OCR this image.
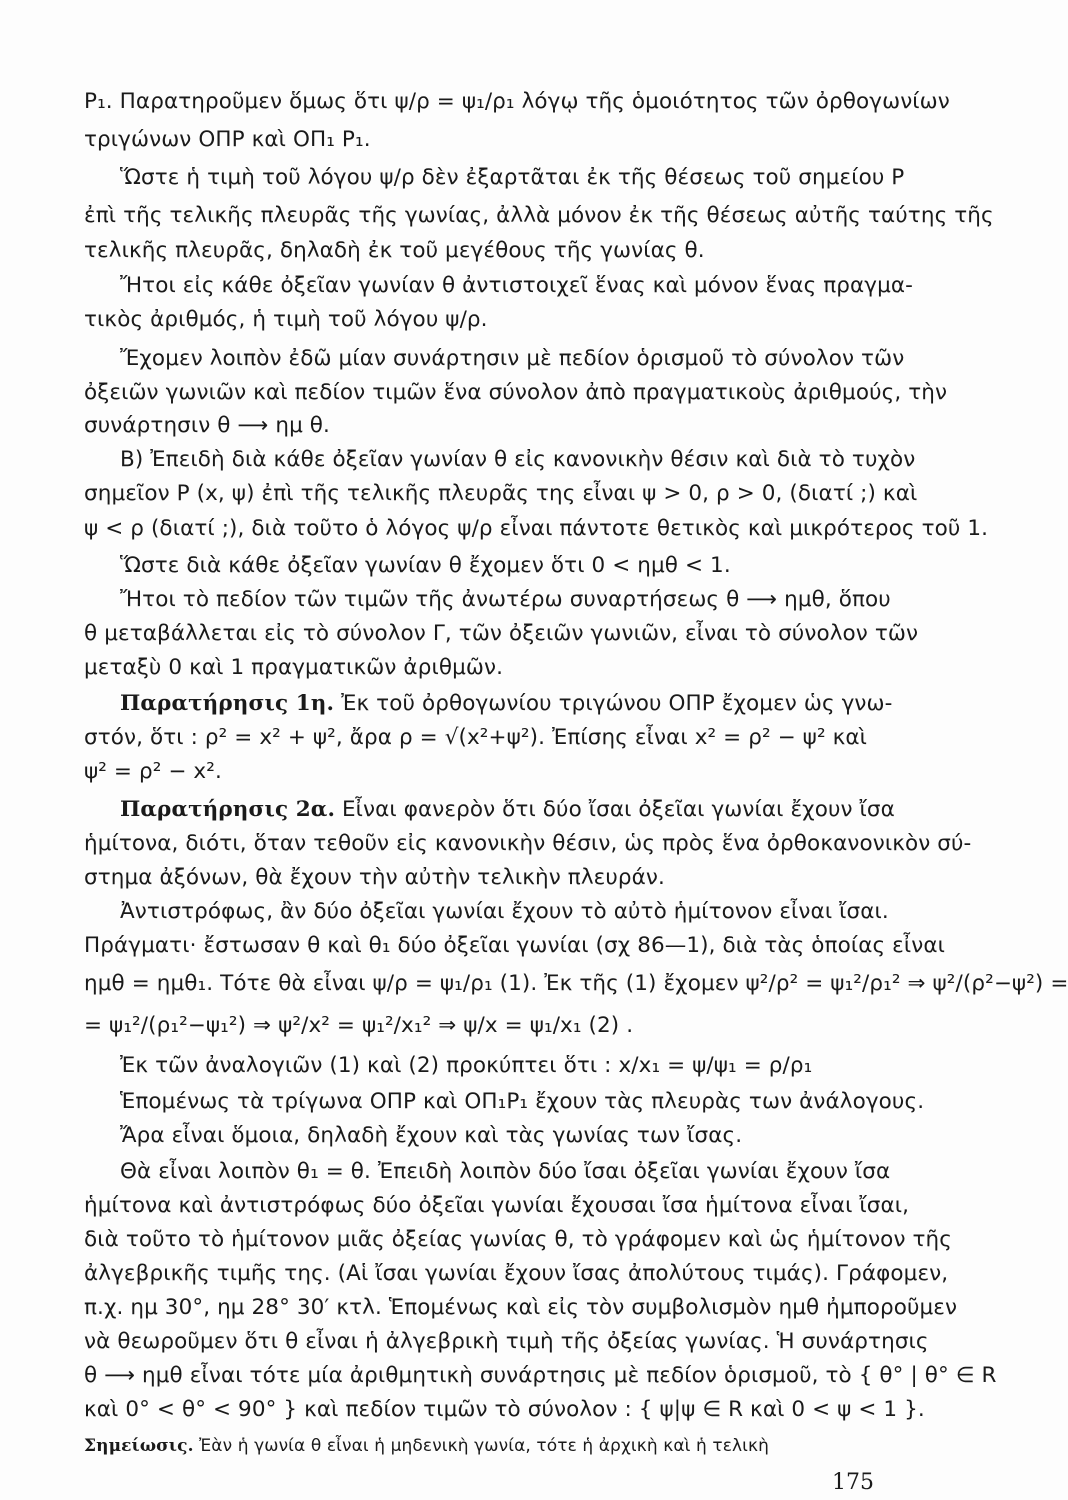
P₁. Παρατηροῦμεν ὅμως ὅτι ψ/ρ = ψ₁/ρ₁ λόγῳ τῆς ὁμοιότητος τῶν ὀρθογωνίων
τριγώνων ΟΠΡ καὶ ΟΠ₁ Ρ₁.
Ὥστε ἡ τιμὴ τοῦ λόγου ψ/ρ δὲν ἐξαρτᾶται ἐκ τῆς θέσεως τοῦ σημείου Ρ
ἐπὶ τῆς τελικῆς πλευρᾶς τῆς γωνίας, ἀλλὰ μόνον ἐκ τῆς θέσεως αὐτῆς ταύτης τῆς
τελικῆς πλευρᾶς, δηλαδὴ ἐκ τοῦ μεγέθους τῆς γωνίας θ.
Ἤτοι εἰς κάθε ὀξεῖαν γωνίαν θ ἀντιστοιχεῖ ἕνας καὶ μόνον ἕνας πραγμα-
τικὸς ἀριθμός, ἡ τιμὴ τοῦ λόγου ψ/ρ.
Ἔχομεν λοιπὸν ἐδῶ μίαν συνάρτησιν μὲ πεδίον ὁρισμοῦ τὸ σύνολον τῶν
ὀξειῶν γωνιῶν καὶ πεδίον τιμῶν ἕνα σύνολον ἀπὸ πραγματικοὺς ἀριθμούς, τὴν
συνάρτησιν θ ⟶ ημ θ.
Β) Ἐπειδὴ διὰ κάθε ὀξεῖαν γωνίαν θ εἰς κανονικὴν θέσιν καὶ διὰ τὸ τυχὸν
σημεῖον Ρ (x, ψ) ἐπὶ τῆς τελικῆς πλευρᾶς της εἶναι ψ > 0, ρ > 0, (διατί ;) καὶ
ψ < ρ (διατί ;), διὰ τοῦτο ὁ λόγος ψ/ρ εἶναι πάντοτε θετικὸς καὶ μικρότερος τοῦ 1.
Ὥστε διὰ κάθε ὀξεῖαν γωνίαν θ ἔχομεν ὅτι 0 < ημθ < 1.
Ἤτοι τὸ πεδίον τῶν τιμῶν τῆς ἀνωτέρω συναρτήσεως θ ⟶ ημθ, ὅπου
θ μεταβάλλεται εἰς τὸ σύνολον Γ, τῶν ὀξειῶν γωνιῶν, εἶναι τὸ σύνολον τῶν
μεταξὺ 0 καὶ 1 πραγματικῶν ἀριθμῶν.
Παρατήρησις 1η. Ἐκ τοῦ ὀρθογωνίου τριγώνου ΟΠΡ ἔχομεν ὡς γνω-
στόν, ὅτι : ρ² = x² + ψ², ἄρα ρ = √(x²+ψ²). Ἐπίσης εἶναι x² = ρ² − ψ² καὶ
ψ² = ρ² − x².
Παρατήρησις 2α. Εἶναι φανερὸν ὅτι δύο ἴσαι ὀξεῖαι γωνίαι ἔχουν ἴσα
ἡμίτονα, διότι, ὅταν τεθοῦν εἰς κανονικὴν θέσιν, ὡς πρὸς ἕνα ὀρθοκανονικὸν σύ-
στημα ἀξόνων, θὰ ἔχουν τὴν αὐτὴν τελικὴν πλευράν.
Ἀντιστρόφως, ἂν δύο ὀξεῖαι γωνίαι ἔχουν τὸ αὐτὸ ἡμίτονον εἶναι ἴσαι.
Πράγματι· ἔστωσαν θ καὶ θ₁ δύο ὀξεῖαι γωνίαι (σχ 86—1), διὰ τὰς ὁποίας εἶναι
ημθ = ημθ₁. Τότε θὰ εἶναι ψ/ρ = ψ₁/ρ₁ (1). Ἐκ τῆς (1) ἔχομεν ψ²/ρ² = ψ₁²/ρ₁² ⇒ ψ²/(ρ²−ψ²) =
= ψ₁²/(ρ₁²−ψ₁²) ⇒ ψ²/x² = ψ₁²/x₁² ⇒ ψ/x = ψ₁/x₁ (2) .
Ἐκ τῶν ἀναλογιῶν (1) καὶ (2) προκύπτει ὅτι : x/x₁ = ψ/ψ₁ = ρ/ρ₁
Ἑπομένως τὰ τρίγωνα ΟΠΡ καὶ ΟΠ₁Ρ₁ ἔχουν τὰς πλευρὰς των ἀνάλογους.
Ἄρα εἶναι ὅμοια, δηλαδὴ ἔχουν καὶ τὰς γωνίας των ἴσας.
Θὰ εἶναι λοιπὸν θ₁ = θ. Ἐπειδὴ λοιπὸν δύο ἴσαι ὀξεῖαι γωνίαι ἔχουν ἴσα
ἡμίτονα καὶ ἀντιστρόφως δύο ὀξεῖαι γωνίαι ἔχουσαι ἴσα ἡμίτονα εἶναι ἴσαι,
διὰ τοῦτο τὸ ἡμίτονον μιᾶς ὀξείας γωνίας θ, τὸ γράφομεν καὶ ὡς ἡμίτονον τῆς
ἀλγεβρικῆς τιμῆς της. (Αἱ ἴσαι γωνίαι ἔχουν ἴσας ἀπολύτους τιμάς). Γράφομεν,
π.χ. ημ 30°, ημ 28° 30′ κτλ. Ἑπομένως καὶ εἰς τὸν συμβολισμὸν ημθ ἠμποροῦμεν
νὰ θεωροῦμεν ὅτι θ εἶναι ἡ ἀλγεβρικὴ τιμὴ τῆς ὀξείας γωνίας. Ἡ συνάρτησις
θ ⟶ ημθ εἶναι τότε μία ἀριθμητικὴ συνάρτησις μὲ πεδίον ὁρισμοῦ, τὸ { θ° | θ° ∈ R
καὶ 0° < θ° < 90° } καὶ πεδίον τιμῶν τὸ σύνολον : { ψ|ψ ∈ R καὶ 0 < ψ < 1 }.
Σημείωσις. Ἐὰν ἡ γωνία θ εἶναι ἡ μηδενικὴ γωνία, τότε ἡ ἀρχικὴ καὶ ἡ τελικὴ
175
